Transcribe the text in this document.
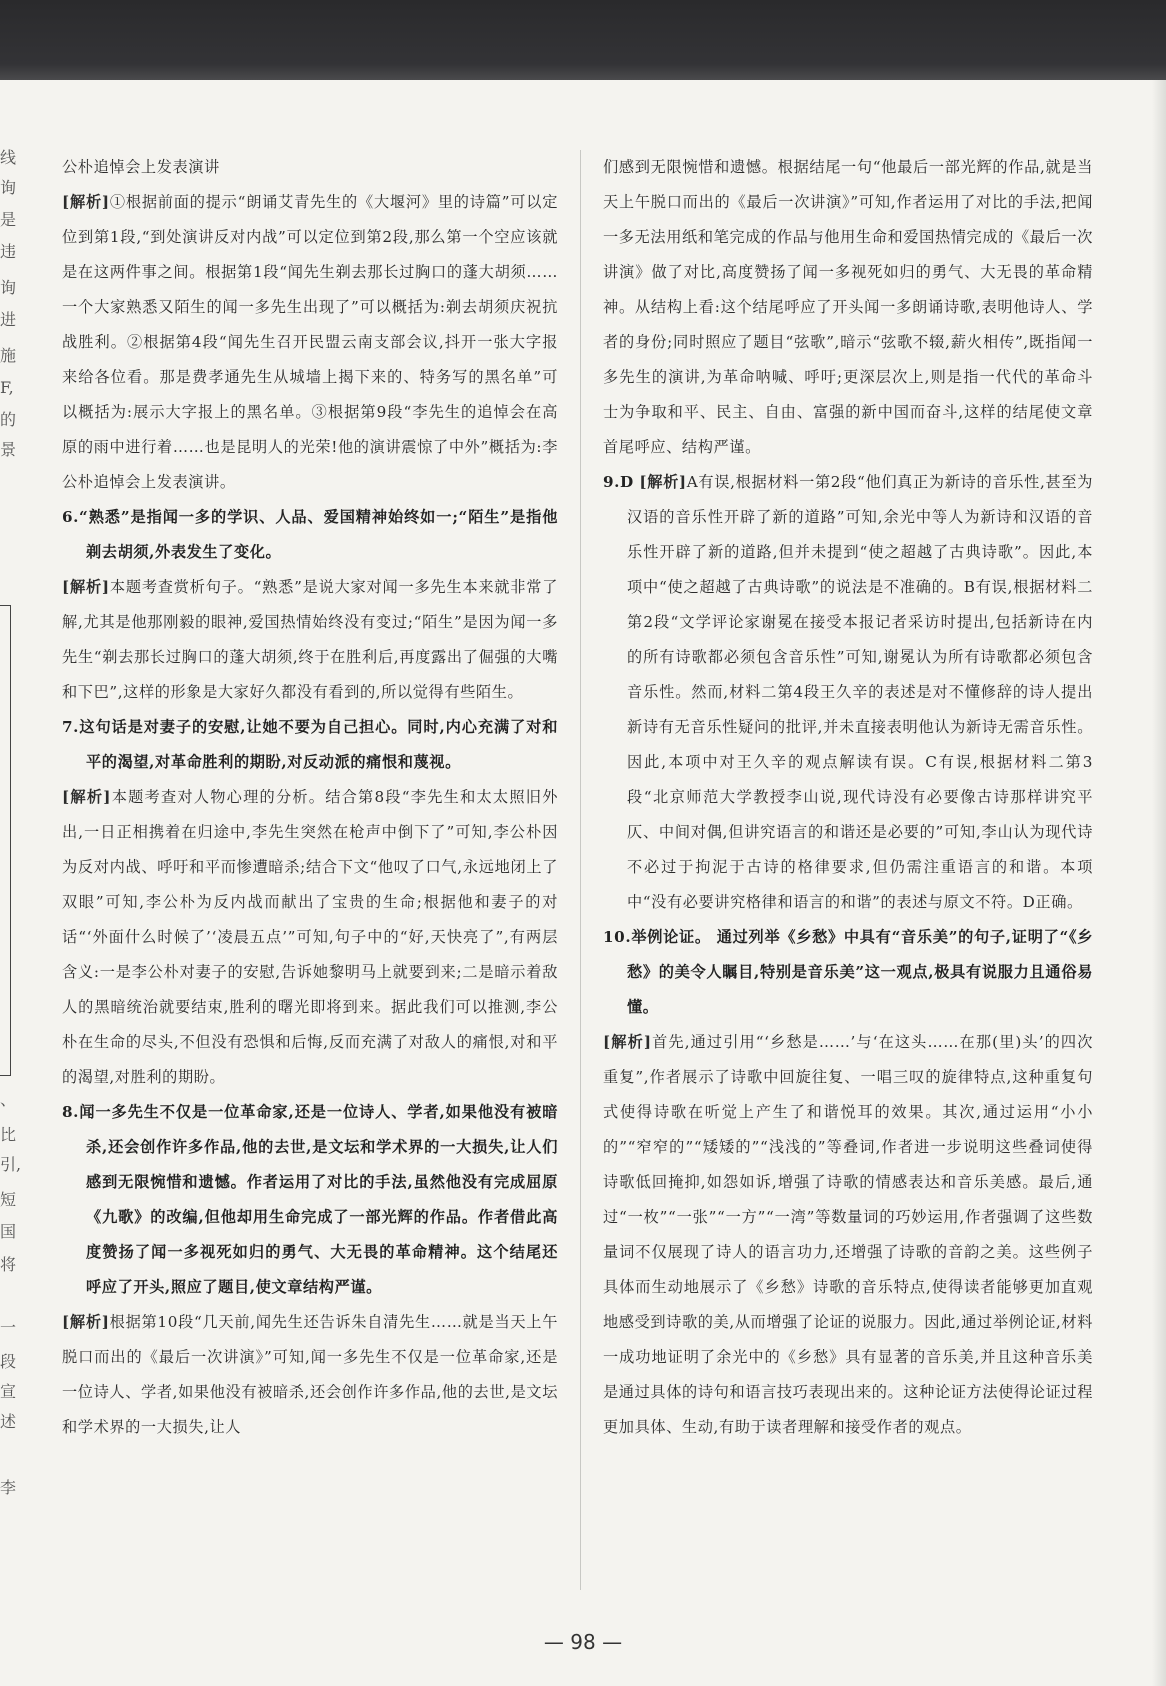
线
询
是
违
询
进
施
F,
的
景
、
比
引,
短
国
将
一
段
宣
述
李

公朴追悼会上发表演讲

[解析]①根据前面的提示“朗诵艾青先生的《大堰河》里的诗篇”可以定位到第1段,“到处演讲反对内战”可以定位到第2段,那么第一个空应该就是在这两件事之间。根据第1段“闻先生剃去那长过胸口的蓬大胡须……一个大家熟悉又陌生的闻一多先生出现了”可以概括为:剃去胡须庆祝抗战胜利。②根据第4段“闻先生召开民盟云南支部会议,抖开一张大字报来给各位看。那是费孝通先生从城墙上揭下来的、特务写的黑名单”可以概括为:展示大字报上的黑名单。③根据第9段“李先生的追悼会在高原的雨中进行着……也是昆明人的光荣!他的演讲震惊了中外”概括为:李公朴追悼会上发表演讲。

6.“熟悉”是指闻一多的学识、人品、爱国精神始终如一;“陌生”是指他剃去胡须,外表发生了变化。

[解析]本题考查赏析句子。“熟悉”是说大家对闻一多先生本来就非常了解,尤其是他那刚毅的眼神,爱国热情始终没有变过;“陌生”是因为闻一多先生“剃去那长过胸口的蓬大胡须,终于在胜利后,再度露出了倔强的大嘴和下巴”,这样的形象是大家好久都没有看到的,所以觉得有些陌生。

7.这句话是对妻子的安慰,让她不要为自己担心。同时,内心充满了对和平的渴望,对革命胜利的期盼,对反动派的痛恨和蔑视。

[解析]本题考查对人物心理的分析。结合第8段“李先生和太太照旧外出,一日正相携着在归途中,李先生突然在枪声中倒下了”可知,李公朴因为反对内战、呼吁和平而惨遭暗杀;结合下文“他叹了口气,永远地闭上了双眼”可知,李公朴为反内战而献出了宝贵的生命;根据他和妻子的对话“‘外面什么时候了’‘凌晨五点’”可知,句子中的“好,天快亮了”,有两层含义:一是李公朴对妻子的安慰,告诉她黎明马上就要到来;二是暗示着敌人的黑暗统治就要结束,胜利的曙光即将到来。据此我们可以推测,李公朴在生命的尽头,不但没有恐惧和后悔,反而充满了对敌人的痛恨,对和平的渴望,对胜利的期盼。

8.闻一多先生不仅是一位革命家,还是一位诗人、学者,如果他没有被暗杀,还会创作许多作品,他的去世,是文坛和学术界的一大损失,让人们感到无限惋惜和遗憾。作者运用了对比的手法,虽然他没有完成屈原《九歌》的改编,但他却用生命完成了一部光辉的作品。作者借此高度赞扬了闻一多视死如归的勇气、大无畏的革命精神。这个结尾还呼应了开头,照应了题目,使文章结构严谨。

[解析]根据第10段“几天前,闻先生还告诉朱自清先生……就是当天上午脱口而出的《最后一次讲演》”可知,闻一多先生不仅是一位革命家,还是一位诗人、学者,如果他没有被暗杀,还会创作许多作品,他的去世,是文坛和学术界的一大损失,让人

们感到无限惋惜和遗憾。根据结尾一句“他最后一部光辉的作品,就是当天上午脱口而出的《最后一次讲演》”可知,作者运用了对比的手法,把闻一多无法用纸和笔完成的作品与他用生命和爱国热情完成的《最后一次讲演》做了对比,高度赞扬了闻一多视死如归的勇气、大无畏的革命精神。从结构上看:这个结尾呼应了开头闻一多朗诵诗歌,表明他诗人、学者的身份;同时照应了题目“弦歌”,暗示“弦歌不辍,薪火相传”,既指闻一多先生的演讲,为革命呐喊、呼吁;更深层次上,则是指一代代的革命斗士为争取和平、民主、自由、富强的新中国而奋斗,这样的结尾使文章首尾呼应、结构严谨。

9.D [解析]A有误,根据材料一第2段“他们真正为新诗的音乐性,甚至为汉语的音乐性开辟了新的道路”可知,余光中等人为新诗和汉语的音乐性开辟了新的道路,但并未提到“使之超越了古典诗歌”。因此,本项中“使之超越了古典诗歌”的说法是不准确的。B有误,根据材料二第2段“文学评论家谢冕在接受本报记者采访时提出,包括新诗在内的所有诗歌都必须包含音乐性”可知,谢冕认为所有诗歌都必须包含音乐性。然而,材料二第4段王久辛的表述是对不懂修辞的诗人提出新诗有无音乐性疑问的批评,并未直接表明他认为新诗无需音乐性。因此,本项中对王久辛的观点解读有误。C有误,根据材料二第3段“北京师范大学教授李山说,现代诗没有必要像古诗那样讲究平仄、中间对偶,但讲究语言的和谐还是必要的”可知,李山认为现代诗不必过于拘泥于古诗的格律要求,但仍需注重语言的和谐。本项中“没有必要讲究格律和语言的和谐”的表述与原文不符。D正确。

10.举例论证。 通过列举《乡愁》中具有“音乐美”的句子,证明了“《乡愁》的美令人瞩目,特别是音乐美”这一观点,极具有说服力且通俗易懂。

[解析]首先,通过引用“‘乡愁是……’与‘在这头……在那(里)头’的四次重复”,作者展示了诗歌中回旋往复、一唱三叹的旋律特点,这种重复句式使得诗歌在听觉上产生了和谐悦耳的效果。其次,通过运用“小小的”“窄窄的”“矮矮的”“浅浅的”等叠词,作者进一步说明这些叠词使得诗歌低回掩抑,如怨如诉,增强了诗歌的情感表达和音乐美感。最后,通过“一枚”“一张”“一方”“一湾”等数量词的巧妙运用,作者强调了这些数量词不仅展现了诗人的语言功力,还增强了诗歌的音韵之美。这些例子具体而生动地展示了《乡愁》诗歌的音乐特点,使得读者能够更加直观地感受到诗歌的美,从而增强了论证的说服力。因此,通过举例论证,材料一成功地证明了余光中的《乡愁》具有显著的音乐美,并且这种音乐美是通过具体的诗句和语言技巧表现出来的。这种论证方法使得论证过程更加具体、生动,有助于读者理解和接受作者的观点。

— 98 —
